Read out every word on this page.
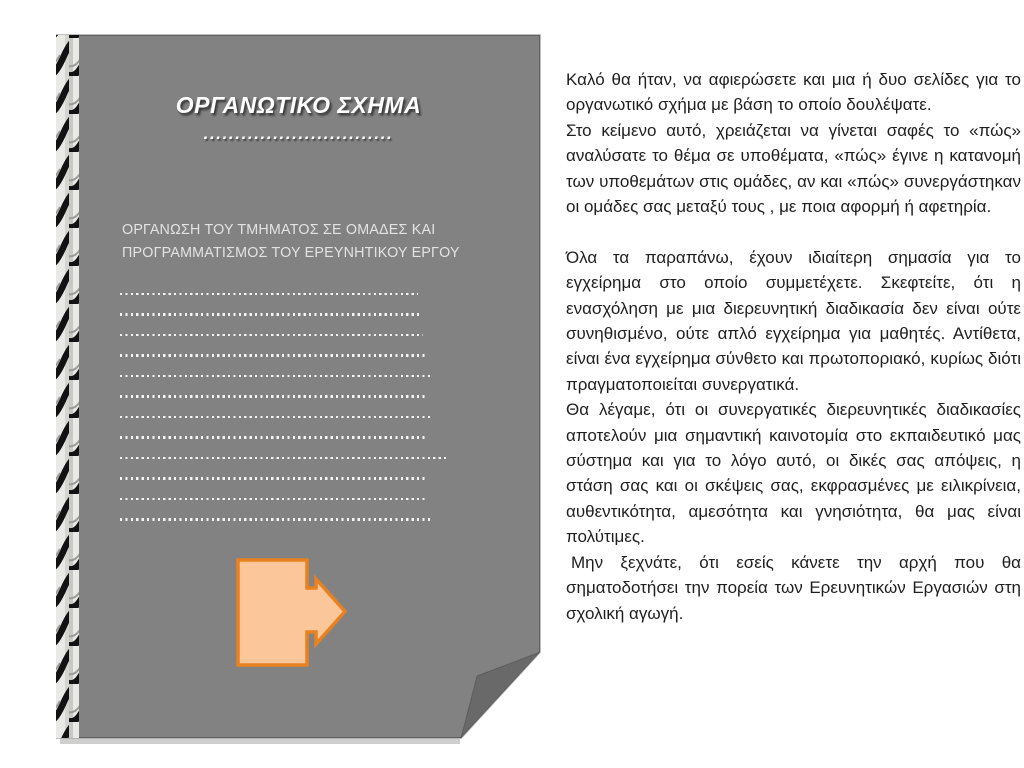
ΟΡΓΑΝΩΤΙΚΟ ΣΧΗΜΑ
..............................
ΟΡΓΑΝΩΣΗ ΤΟΥ ΤΜΗΜΑΤΟΣ ΣΕ ΟΜΑΔΕΣ ΚΑΙ
ΠΡΟΓΡΑΜΜΑΤΙΣΜΟΣ ΤΟΥ ΕΡΕΥΝΗΤΙΚΟΥ ΕΡΓΟΥ

Καλό θα ήταν, να αφιερώσετε και μια ή δυο σελίδες για το οργανωτικό σχήμα με βάση το οποίο δουλέψατε.

Στο κείμενο αυτό, χρειάζεται να γίνεται σαφές το «πώς» αναλύσατε το θέμα σε υποθέματα, «πώς» έγινε η κατανομή των υποθεμάτων στις ομάδες, αν και «πώς» συνεργάστηκαν οι ομάδες σας μεταξύ τους , με ποια αφορμή ή αφετηρία.

Όλα τα παραπάνω, έχουν ιδιαίτερη σημασία για το εγχείρημα στο οποίο συμμετέχετε. Σκεφτείτε, ότι η ενασχόληση με μια διερευνητική διαδικασία δεν είναι ούτε συνηθισμένο, ούτε απλό εγχείρημα για μαθητές. Αντίθετα, είναι ένα εγχείρημα σύνθετο και πρωτοποριακό, κυρίως διότι πραγματοποιείται συνεργατικά.

Θα λέγαμε, ότι οι συνεργατικές διερευνητικές διαδικασίες αποτελούν μια σημαντική καινοτομία στο εκπαιδευτικό μας σύστημα και για το λόγο αυτό, οι δικές σας απόψεις, η στάση σας και οι σκέψεις σας, εκφρασμένες με ειλικρίνεια, αυθεντικότητα, αμεσότητα και γνησιότητα, θα μας είναι πολύτιμες.

Μην ξεχνάτε, ότι εσείς κάνετε την αρχή που θα σηματοδοτήσει την πορεία των Ερευνητικών Εργασιών στη σχολική αγωγή.
